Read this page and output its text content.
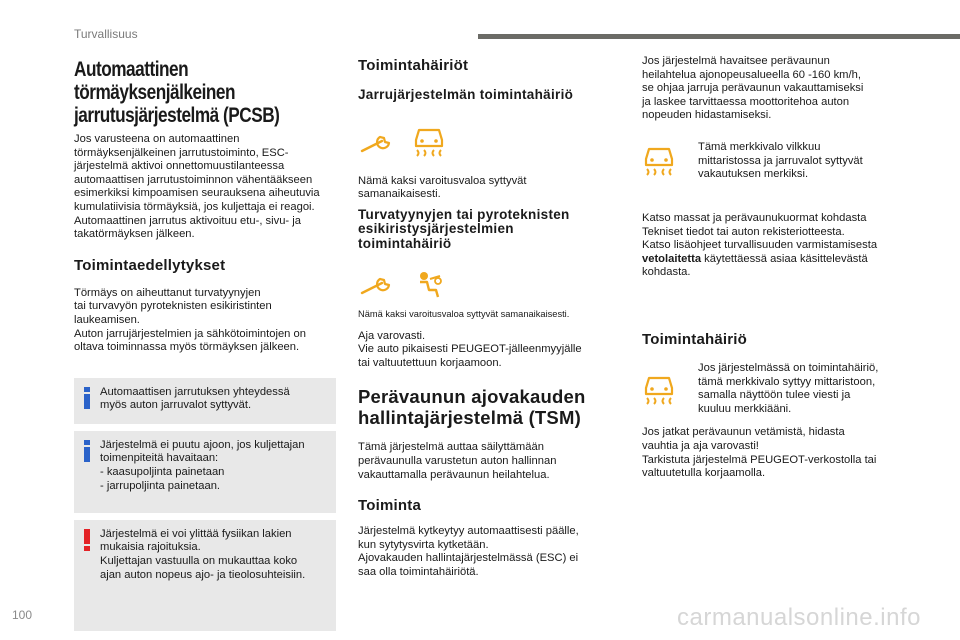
Turvallisuus
Automaattinen törmäyksenjälkeinen
jarrutusjärjestelmä (PCSB)
Jos varusteena on automaattinen
törmäyksenjälkeinen jarrutustoiminto, ESC-
järjestelmä aktivoi onnettomuustilanteessa
automaattisen jarrutustoiminnon vähentääkseen
esimerkiksi kimpoamisen seurauksena aiheutuvia
kumulatiivisia törmäyksiä, jos kuljettaja ei reagoi.
Automaattinen jarrutus aktivoituu etu-, sivu- ja
takatörmäyksen jälkeen.
Toimintaedellytykset
Törmäys on aiheuttanut turvatyynyjen
tai turvavyön pyroteknisten esikiristinten
laukeamisen.
Auton jarrujärjestelmien ja sähkötoimintojen on
oltava toiminnassa myös törmäyksen jälkeen.
Automaattisen jarrutuksen yhteydessä
myös auton jarruvalot syttyvät.
Järjestelmä ei puutu ajoon, jos kuljettajan
toimenpiteitä havaitaan:
- kaasupoljinta painetaan
- jarrupoljinta painetaan.
Järjestelmä ei voi ylittää fysiikan lakien
mukaisia rajoituksia.
Kuljettajan vastuulla on mukauttaa koko
ajan auton nopeus ajo- ja tieolosuhteisiin.
Toimintahäiriöt
Jarrujärjestelmän toimintahäiriö
Nämä kaksi varoitusvaloa syttyvät
samanaikaisesti.
Turvatyynyjen tai pyroteknisten
esikiristysjärjestelmien
toimintahäiriö
Nämä kaksi varoitusvaloa syttyvät samanaikaisesti.
Aja varovasti.
Vie auto pikaisesti PEUGEOT-jälleenmyyjälle
tai valtuutettuun korjaamoon.
Perävaunun ajovakauden
hallintajärjestelmä (TSM)
Tämä järjestelmä auttaa säilyttämään
perävaunulla varustetun auton hallinnan
vakauttamalla perävaunun heilahtelua.
Toiminta
Järjestelmä kytkeytyy automaattisesti päälle,
kun sytytysvirta kytketään.
Ajovakauden hallintajärjestelmässä (ESC) ei
saa olla toimintahäiriötä.
Jos järjestelmä havaitsee perävaunun
heilahtelua ajonopeusalueella 60 -160 km/h,
se ohjaa jarruja perävaunun vakauttamiseksi
ja laskee tarvittaessa moottoritehoa auton
nopeuden hidastamiseksi.
Tämä merkkivalo vilkkuu
mittaristossa ja jarruvalot syttyvät
vakautuksen merkiksi.
Katso massat ja perävaunukuormat kohdasta
Tekniset tiedot tai auton rekisteriotteesta.
Katso lisäohjeet turvallisuuden varmistamisesta
vetolaitetta käytettäessä asiaa käsittelevästä
kohdasta.
Toimintahäiriö
Jos järjestelmässä on toimintahäiriö,
tämä merkkivalo syttyy mittaristoon,
samalla näyttöön tulee viesti ja
kuuluu merkkiääni.
Jos jatkat perävaunun vetämistä, hidasta
vauhtia ja aja varovasti!
Tarkistuta järjestelmä PEUGEOT-verkostolla tai
valtuutetulla korjaamolla.
100	carmanualsonline.info
